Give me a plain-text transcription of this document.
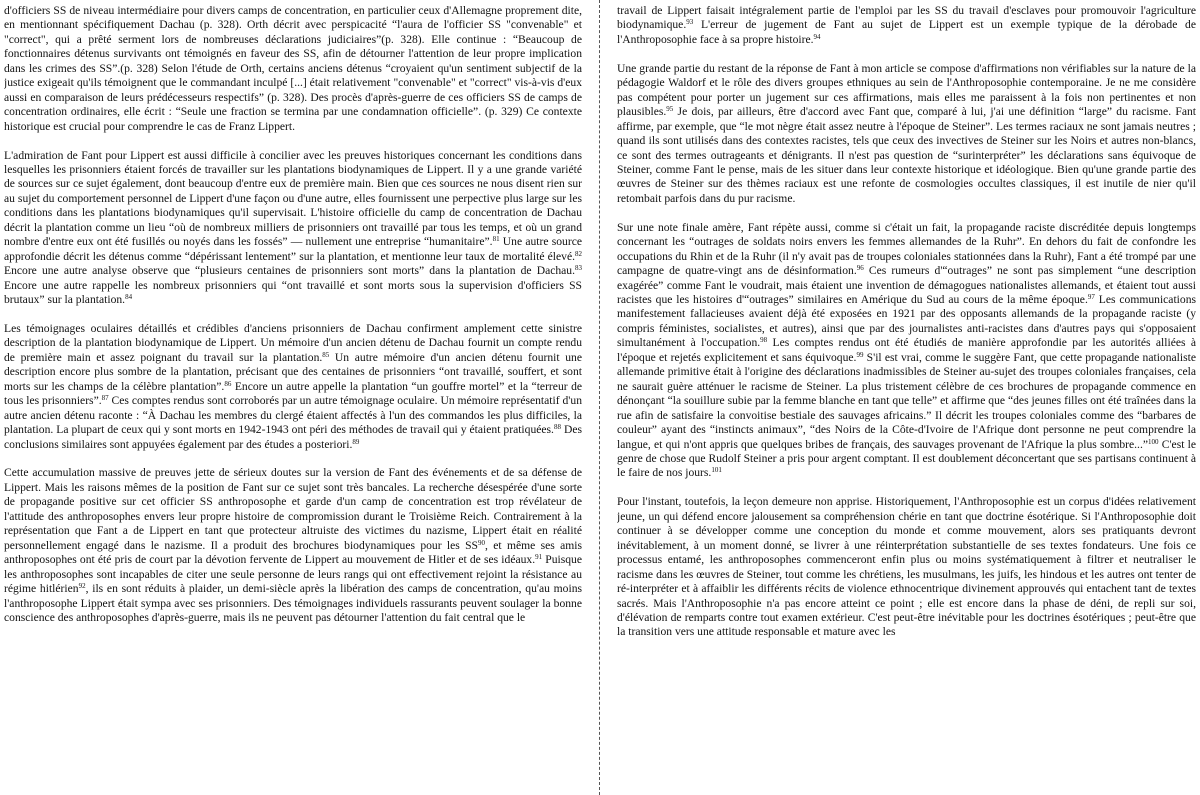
d'officiers SS de niveau intermédiaire pour divers camps de concentration, en particulier ceux d'Allemagne proprement dite, en mentionnant spécifiquement Dachau (p. 328). Orth décrit avec perspicacité “l'aura de l'officier SS "convenable" et "correct", qui a prêté serment lors de nombreuses déclarations judiciaires”(p. 328). Elle continue : “Beaucoup de fonctionnaires détenus survivants ont témoignés en faveur des SS, afin de détourner l'attention de leur propre implication dans les crimes des SS”.(p. 328) Selon l'étude de Orth, certains anciens détenus “croyaient qu'un sentiment subjectif de la justice exigeait qu'ils témoignent que le commandant inculpé [...] était relativement "convenable" et "correct" vis-à-vis d'eux aussi en comparaison de leurs prédécesseurs respectifs” (p. 328). Des procès d'après-guerre de ces officiers SS de camps de concentration ordinaires, elle écrit : “Seule une fraction se termina par une condamnation officielle”. (p. 329) Ce contexte historique est crucial pour comprendre le cas de Franz Lippert.

L'admiration de Fant pour Lippert est aussi difficile à concilier avec les preuves historiques concernant les conditions dans lesquelles les prisonniers étaient forcés de travailler sur les plantations biodynamiques de Lippert. Il y a une grande variété de sources sur ce sujet également, dont beaucoup d'entre eux de première main. Bien que ces sources ne nous disent rien sur au sujet du comportement personnel de Lippert d'une façon ou d'une autre, elles fournissent une perpective plus large sur les conditions dans les plantations biodynamiques qu'il supervisait. L'histoire officielle du camp de concentration de Dachau décrit la plantation comme un lieu “où de nombreux milliers de prisonniers ont travaillé par tous les temps, et où un grand nombre d'entre eux ont été fusillés ou noyés dans les fossés” — nullement une entreprise “humanitaire”.$^{81}$ Une autre source approfondie décrit les détenus comme “dépérissant lentement” sur la plantation, et mentionne leur taux de mortalité élevé.$^{82}$ Encore une autre analyse observe que “plusieurs centaines de prisonniers sont morts” dans la plantation de Dachau.$^{83}$ Encore une autre rappelle les nombreux prisonniers qui “ont travaillé et sont morts sous la supervision d'officiers SS brutaux” sur la plantation.$^{84}$

Les témoignages oculaires détaillés et crédibles d'anciens prisonniers de Dachau confirment amplement cette sinistre description de la plantation biodynamique de Lippert. Un mémoire d'un ancien détenu de Dachau fournit un compte rendu de première main et assez poignant du travail sur la plantation.$^{85}$ Un autre mémoire d'un ancien détenu fournit une description encore plus sombre de la plantation, précisant que des centaines de prisonniers “ont travaillé, souffert, et sont morts sur les champs de la célèbre plantation”.$^{86}$ Encore un autre appelle la plantation “un gouffre mortel” et la “terreur de tous les prisonniers”.$^{87}$ Ces comptes rendus sont corroborés par un autre témoignage oculaire. Un mémoire représentatif d'un autre ancien détenu raconte : “À Dachau les membres du clergé étaient affectés à l'un des commandos les plus difficiles, la plantation. La plupart de ceux qui y sont morts en 1942-1943 ont péri des méthodes de travail qui y étaient pratiquées.$^{88}$ Des conclusions similaires sont appuyées également par des études a posteriori.$^{89}$

Cette accumulation massive de preuves jette de sérieux doutes sur la version de Fant des événements et de sa défense de Lippert. Mais les raisons mêmes de la position de Fant sur ce sujet sont très bancales. La recherche désespérée d'une sorte de propagande positive sur cet officier SS anthroposophe et garde d'un camp de concentration est trop révélateur de l'attitude des anthroposophes envers leur propre histoire de compromission durant le Troisième Reich. Contrairement à la représentation que Fant a de Lippert en tant que protecteur altruiste des victimes du nazisme, Lippert était en réalité personnellement engagé dans le nazisme. Il a produit des brochures biodynamiques pour les SS$^{90}$, et même ses amis anthroposophes ont été pris de court par la dévotion fervente de Lippert au mouvement de Hitler et de ses idéaux.$^{91}$ Puisque les anthroposophes sont incapables de citer une seule personne de leurs rangs qui ont effectivement rejoint la résistance au régime hitlérien$^{92}$, ils en sont réduits à plaider, un demi-siècle après la libération des camps de concentration, qu'au moins l'anthroposophe Lippert était sympa avec ses prisonniers. Des témoignages individuels rassurants peuvent soulager la bonne conscience des anthroposophes d'après-guerre, mais ils ne peuvent pas détourner l'attention du fait central que le

travail de Lippert faisait intégralement partie de l'emploi par les SS du travail d'esclaves pour promouvoir l'agriculture biodynamique.$^{93}$ L'erreur de jugement de Fant au sujet de Lippert est un exemple typique de la dérobade de l'Anthroposophie face à sa propre histoire.$^{94}$

Une grande partie du restant de la réponse de Fant à mon article se compose d'affirmations non vérifiables sur la nature de la pédagogie Waldorf et le rôle des divers groupes ethniques au sein de l'Anthroposophie contemporaine. Je ne me considère pas compétent pour porter un jugement sur ces affirmations, mais elles me paraissent à la fois non pertinentes et non plausibles.$^{95}$ Je dois, par ailleurs, être d'accord avec Fant que, comparé à lui, j'ai une définition “large” du racisme. Fant affirme, par exemple, que “le mot nègre était assez neutre à l'époque de Steiner”. Les termes raciaux ne sont jamais neutres ; quand ils sont utilisés dans des contextes racistes, tels que ceux des invectives de Steiner sur les Noirs et autres non-blancs, ce sont des termes outrageants et dénigrants. Il n'est pas question de “surinterpréter” les déclarations sans équivoque de Steiner, comme Fant le pense, mais de les situer dans leur contexte historique et idéologique. Bien qu'une grande partie des œuvres de Steiner sur des thèmes raciaux est une refonte de cosmologies occultes classiques, il est inutile de nier qu'il retombait parfois dans du pur racisme.

Sur une note finale amère, Fant répète aussi, comme si c'était un fait, la propagande raciste discréditée depuis longtemps concernant les “outrages de soldats noirs envers les femmes allemandes de la Ruhr”. En dehors du fait de confondre les occupations du Rhin et de la Ruhr (il n'y avait pas de troupes coloniales stationnées dans la Ruhr), Fant a été trompé par une campagne de quatre-vingt ans de désinformation.$^{96}$ Ces rumeurs d'“outrages” ne sont pas simplement “une description exagérée” comme Fant le voudrait, mais étaient une invention de démagogues nationalistes allemands, et étaient tout aussi racistes que les histoires d'“outrages” similaires en Amérique du Sud au cours de la même époque.$^{97}$ Les communications manifestement fallacieuses avaient déjà été exposées en 1921 par des opposants allemands de la propagande raciste (y compris féministes, socialistes, et autres), ainsi que par des journalistes anti-racistes dans d'autres pays qui s'opposaient simultanément à l'occupation.$^{98}$ Les comptes rendus ont été étudiés de manière approfondie par les autorités alliées à l'époque et rejetés explicitement et sans équivoque.$^{99}$ S'il est vrai, comme le suggère Fant, que cette propagande nationaliste allemande primitive était à l'origine des déclarations inadmissibles de Steiner au-sujet des troupes coloniales françaises, cela ne saurait guère atténuer le racisme de Steiner. La plus tristement célèbre de ces brochures de propagande commence en dénonçant “la souillure subie par la femme blanche en tant que telle” et affirme que “des jeunes filles ont été traînées dans la rue afin de satisfaire la convoitise bestiale des sauvages africains.” Il décrit les troupes coloniales comme des “barbares de couleur” ayant des “instincts animaux”, “des Noirs de la Côte-d'Ivoire de l'Afrique dont personne ne peut comprendre la langue, et qui n'ont appris que quelques bribes de français, des sauvages provenant de l'Afrique la plus sombre...”$^{100}$ C'est le genre de chose que Rudolf Steiner a pris pour argent comptant. Il est doublement déconcertant que ses partisans continuent à le faire de nos jours.$^{101}$

Pour l'instant, toutefois, la leçon demeure non apprise. Historiquement, l'Anthroposophie est un corpus d'idées relativement jeune, un qui défend encore jalousement sa compréhension chérie en tant que doctrine ésotérique. Si l'Anthroposophie doit continuer à se développer comme une conception du monde et comme mouvement, alors ses pratiquants devront inévitablement, à un moment donné, se livrer à une réinterprétation substantielle de ses textes fondateurs. Une fois ce processus entamé, les anthroposophes commenceront enfin plus ou moins systématiquement à filtrer et neutraliser le racisme dans les œuvres de Steiner, tout comme les chrétiens, les musulmans, les juifs, les hindous et les autres ont tenter de ré-interpréter et à affaiblir les différents récits de violence ethnocentrique divinement approuvés qui entachent tant de textes sacrés. Mais l'Anthroposophie n'a pas encore atteint ce point ; elle est encore dans la phase de déni, de repli sur soi, d'élévation de remparts contre tout examen extérieur. C'est peut-être inévitable pour les doctrines ésotériques ; peut-être que la transition vers une attitude responsable et mature avec les
